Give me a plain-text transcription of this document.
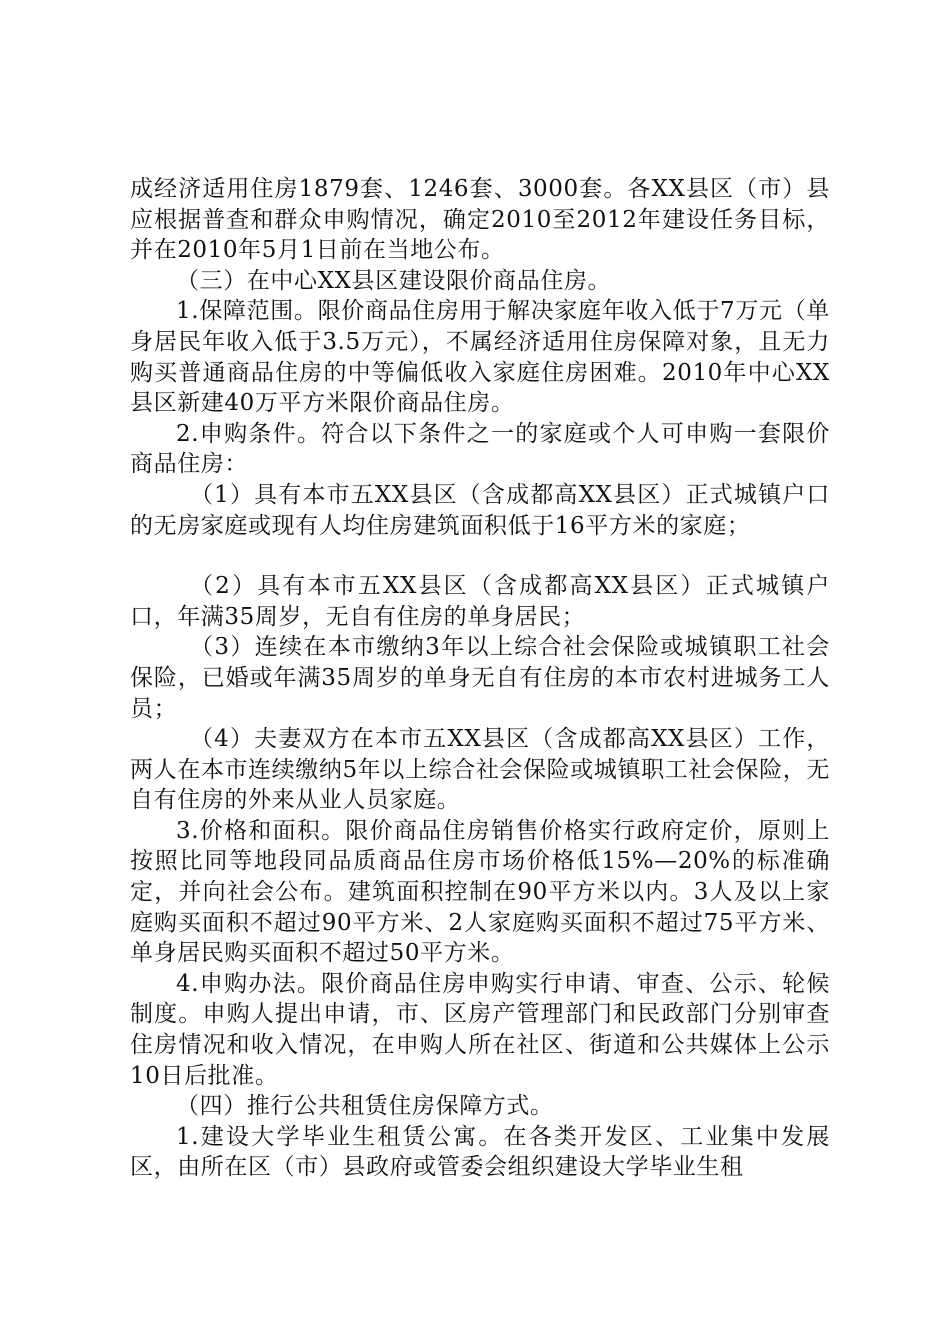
成经济适用住房1879套、1246套、3000套。各XX县区（市）县应根据普查和群众申购情况，确定2010至2012年建设任务目标，并在2010年5月1日前在当地公布。

（三）在中心XX县区建设限价商品住房。

1.保障范围。限价商品住房用于解决家庭年收入低于7万元（单身居民年收入低于3.5万元），不属经济适用住房保障对象，且无力购买普通商品住房的中等偏低收入家庭住房困难。2010年中心XX县区新建40万平方米限价商品住房。

2.申购条件。符合以下条件之一的家庭或个人可申购一套限价商品住房：

（1）具有本市五XX县区（含成都高XX县区）正式城镇户口的无房家庭或现有人均住房建筑面积低于16平方米的家庭；

（2）具有本市五XX县区（含成都高XX县区）正式城镇户口，年满35周岁，无自有住房的单身居民；

（3）连续在本市缴纳3年以上综合社会保险或城镇职工社会保险，已婚或年满35周岁的单身无自有住房的本市农村进城务工人员；

（4）夫妻双方在本市五XX县区（含成都高XX县区）工作，两人在本市连续缴纳5年以上综合社会保险或城镇职工社会保险，无自有住房的外来从业人员家庭。

3.价格和面积。限价商品住房销售价格实行政府定价，原则上按照比同等地段同品质商品住房市场价格低15%—20%的标准确定，并向社会公布。建筑面积控制在90平方米以内。3人及以上家庭购买面积不超过90平方米、2人家庭购买面积不超过75平方米、单身居民购买面积不超过50平方米。

4.申购办法。限价商品住房申购实行申请、审查、公示、轮候制度。申购人提出申请，市、区房产管理部门和民政部门分别审查住房情况和收入情况，在申购人所在社区、街道和公共媒体上公示10日后批准。

（四）推行公共租赁住房保障方式。

1.建设大学毕业生租赁公寓。在各类开发区、工业集中发展区，由所在区（市）县政府或管委会组织建设大学毕业生租
